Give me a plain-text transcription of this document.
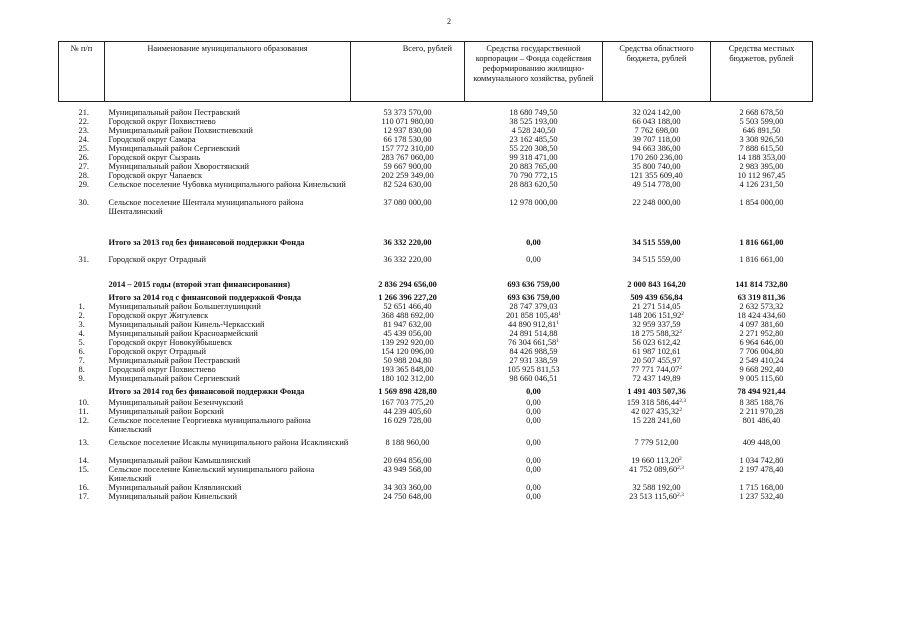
2
№ п/п	Наименование муниципального образования	Всего, рублей	Средства государственной корпорации – Фонда содействия реформированию жилищно-коммунального хозяйства, рублей	Средства областного бюджета, рублей	Средства местных бюджетов, рублей

21.	Муниципальный район Пестравский	53 373 570,00	18 680 749,50	32 024 142,00	2 668 678,50
22.	Городской округ Похвистнево	110 071 980,00	38 525 193,00	66 043 188,00	5 503 599,00
23.	Муниципальный район Похвистневский	12 937 830,00	4 528 240,50	7 762 698,00	646 891,50
24.	Городской округ Самара	66 178 530,00	23 162 485,50	39 707 118,00	3 308 926,50
25.	Муниципальный район Сергиевский	157 772 310,00	55 220 308,50	94 663 386,00	7 888 615,50
26.	Городской округ Сызрань	283 767 060,00	99 318 471,00	170 260 236,00	14 188 353,00
27.	Муниципальный район Хворостянский	59 667 900,00	20 883 765,00	35 800 740,00	2 983 395,00
28.	Городской округ Чапаевск	202 259 349,00	70 790 772,15	121 355 609,40	10 112 967,45
29.	Сельское поселение Чубовка муниципального района Кинельский	82 524 630,00	28 883 620,50	49 514 778,00	4 126 231,50
30.	Сельское поселение Шентала муниципального района Шенталинский	37 080 000,00	12 978 000,00	22 248 000,00	1 854 000,00

	Итого за 2013 год без финансовой поддержки Фонда	36 332 220,00	0,00	34 515 559,00	1 816 661,00

31.	Городской округ Отрадный	36 332 220,00	0,00	34 515 559,00	1 816 661,00

	2014 – 2015 годы (второй этап финансирования)	2 836 294 656,00	693 636 759,00	2 000 843 164,20	141 814 732,80

	Итого за 2014 год с финансовой поддержкой Фонда	1 266 396 227,20	693 636 759,00	509 439 656,84	63 319 811,36
1.	Муниципальный район Большеглушицкий	52 651 466,40	28 747 379,03	21 271 514,05	2 632 573,32
2.	Городской округ Жигулевск	368 488 692,00	201 858 105,48$^1$	148 206 151,92$^2$	18 424 434,60
3.	Муниципальный район Кинель-Черкасский	81 947 632,00	44 890 912,81$^1$	32 959 337,59	4 097 381,60
4.	Муниципальный район Красноармейский	45 439 056,00	24 891 514,88	18 275 588,32$^2$	2 271 952,80
5.	Городской округ Новокуйбышевск	139 292 920,00	76 304 661,58$^1$	56 023 612,42	6 964 646,00
6.	Городской округ Отрадный	154 120 096,00	84 426 988,59	61 987 102,61	7 706 004,80
7.	Муниципальный район Пестравский	50 988 204,80	27 931 338,59	20 507 455,97	2 549 410,24
8.	Городской округ Похвистнево	193 365 848,00	105 925 811,53	77 771 744,07$^2$	9 668 292,40
9.	Муниципальный район Сергиевский	180 102 312,00	98 660 046,51	72 437 149,89	9 005 115,60

	Итого за 2014 год без финансовой поддержки Фонда	1 569 898 428,80	0,00	1 491 403 507,36	78 494 921,44

10.	Муниципальный район Безенчукский	167 703 775,20	0,00	159 318 586,44$^{2,3}$	8 385 188,76
11.	Муниципальный район Борский	44 239 405,60	0,00	42 027 435,32$^2$	2 211 970,28
12.	Сельское поселение Георгиевка муниципального района Кинельский	16 029 728,00	0,00	15 228 241,60	801 486,40

13.	Сельское поселение Исаклы муниципального района Исаклинский	8 188 960,00	0,00	7 779 512,00	409 448,00
14.	Муниципальный район Камышлинский	20 694 856,00	0,00	19 660 113,20$^2$	1 034 742,80
15.	Сельское поселение Кинельский муниципального района Кинельский	43 949 568,00	0,00	41 752 089,60$^{2,3}$	2 197 478,40
16.	Муниципальный район Клявлинский	34 303 360,00	0,00	32 588 192,00	1 715 168,00
17.	Муниципальный район Кинельский	24 750 648,00	0,00	23 513 115,60$^{2,3}$	1 237 532,40
